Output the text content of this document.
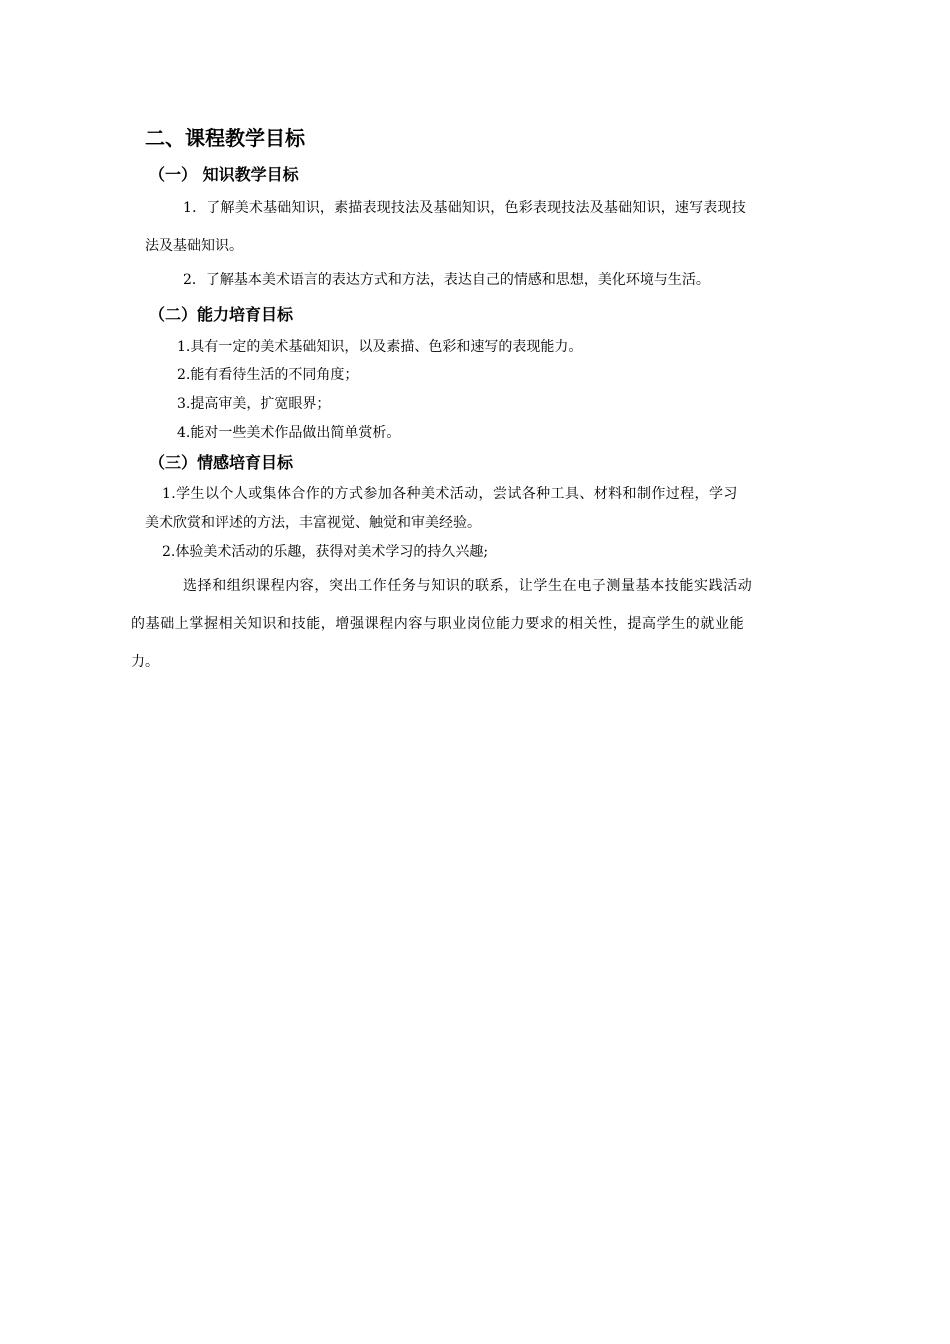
二、课程教学目标
（一） 知识教学目标
1．了解美术基础知识，素描表现技法及基础知识，色彩表现技法及基础知识，速写表现技
法及基础知识。
2．了解基本美术语言的表达方式和方法，表达自己的情感和思想，美化环境与生活。
（二）能力培育目标
1.具有一定的美术基础知识，以及素描、色彩和速写的表现能力。
2.能有看待生活的不同角度；
3.提高审美，扩宽眼界；
4.能对一些美术作品做出简单赏析。
（三）情感培育目标
1.学生以个人或集体合作的方式参加各种美术活动，尝试各种工具、材料和制作过程，学习
美术欣赏和评述的方法，丰富视觉、触觉和审美经验。
2.体验美术活动的乐趣，获得对美术学习的持久兴趣;
选择和组织课程内容，突出工作任务与知识的联系，让学生在电子测量基本技能实践活动
的基础上掌握相关知识和技能，增强课程内容与职业岗位能力要求的相关性，提高学生的就业能
力。
